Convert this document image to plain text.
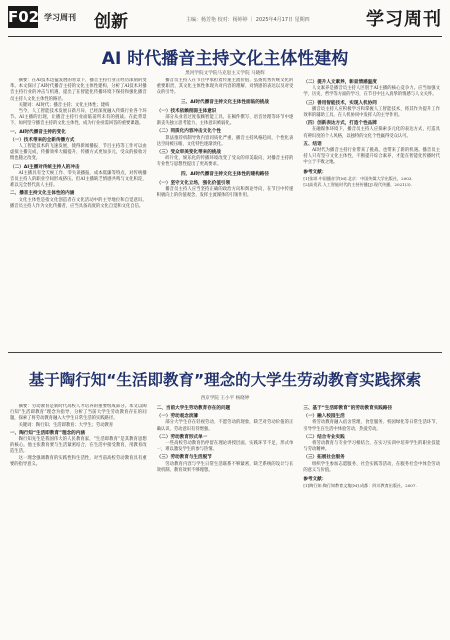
F02 学习周刊 创新	主编：杨芳艳 校对：杨婷婷 ｜ 2025年4月17日 星期四	学习周刊
AI 时代播音主持文化主体性建构
黑河学院文学院马克思主义学院 马晓辉
摘要：在AI技术迅猛发展的背景下，播音主持行业正经历深刻的变革。本文探讨了AI时代播音主持的文化主体性建构，分析了AI技术对播音主持行业的冲击与机遇，提出了在智能化传播环境下保持和强化播音员主持人文化主体性的路径。
关键词：AI时代；播音主持；文化主体性；建构
当今，人工智能技术发展日新月异，已经深度融入传媒行业各个环节。AI主播的出现，让播音主持行业面临前所未有的挑战。在此背景下，如何坚守播音主持的文化主体性，成为行业亟需回答的重要课题。
一、AI时代播音主持的变化
（一）技术带来的全新传播方式
人工智能技术的飞速发展，使得新闻播报、节目主持等工作可以由虚拟主播完成，传播效率大幅提升，传播方式更加多元，受众的接收习惯也随之改变。
（二）AI主播对传统主持人的冲击
AI主播具有全天候工作、零失误播报、成本低廉等特点，对传统播音员主持人的职业空间形成挤压。但AI主播缺乏情感共鸣与文化积淀，难以完全替代真人主持。
二、播音主持文化主体性的内涵
文化主体性是指文化创造者在文化活动中的主导地位和自觉意识。播音员主持人作为文化传播者，应当具备高度的文化自觉和文化自信。
播音员主持人在节目中承担着传递主流价值、弘扬优秀传统文化的重要职责，其文化主体性体现为对内容的理解、对情感的表达以及对受众的引导。
三、AI时代播音主持文化主体性面临的挑战
（一）技术依赖削弱主体意识
部分从业者过度依赖智能工具，在稿件撰写、语音处理等环节中逐渐丧失独立思考能力，主体意识被弱化。
（二）同质化内容冲击文化个性
算法推荐机制导致内容同质化严重，播音主持风格趋同，个性化表达空间被压缩，文化特色逐渐淡化。
（三）受众审美变化带来的挑战
碎片化、娱乐化的传播环境改变了受众的审美取向，对播音主持的专业性与思想性提出了更高要求。
四、AI时代播音主持文化主体性的建构路径
（一）坚守文化立场，强化价值引领
播音员主持人应当坚持正确的政治方向和舆论导向，在节目中传递积极向上的价值观念，发挥主流媒体的引领作用。
（二）提升人文素养，彰显情感温度
人文素养是播音员主持人区别于AI主播的核心竞争力。应当加强文学、历史、哲学等方面的学习，在节目中注入真挚的情感与人文关怀。
（三）善用智能技术，实现人机协同
播音员主持人应积极学习和掌握人工智能技术，将其作为提升工作效率的辅助工具，在人机协同中发挥人的主导作用。
（四）创新表达方式，打造个性品牌
在融媒体环境下，播音员主持人应探索多元化的表达方式，打造具有辨识度的个人风格，以独特的文化个性赢得受众认可。
五、结语
AI时代为播音主持行业带来了挑战，也带来了新的机遇。播音员主持人只有坚守文化主体性，不断提升综合素养，才能在智能化传播时代中立于不败之地。
参考文献：
[1]张颂.中国播音学[M].北京：中国传媒大学出版社，2003.
[2]高贵武.人工智能时代的主持传播[J].现代传播，2021(3).
基于陶行知“生活即教育”理念的大学生劳动教育实践探索
西京学院 王小平 杨晓婷
摘要：劳动教育是新时代高校人才培养的重要组成部分。本文以陶行知“生活即教育”理念为指导，分析了当前大学生劳动教育存在的问题，探索了将劳动教育融入大学生日常生活的实践路径。
关键词：陶行知；生活即教育；大学生；劳动教育
一、陶行知“生活即教育”理念的内涵
陶行知先生是我国伟大的人民教育家，“生活即教育”是其教育思想的核心。他主张教育要与生活紧密结合，在生活中接受教育，用教育改造生活。
这一理念强调教育的实践性和生活性，对当前高校劳动教育具有重要的指导意义。
二、当前大学生劳动教育存在的问题
（一）劳动观念淡薄
部分大学生存在轻视劳动、不愿劳动的现象，缺乏对劳动价值的正确认识，劳动意识有待增强。
（二）劳动教育形式单一
一些高校劳动教育仍停留在理论讲授层面，实践环节不足，形式单一，难以激发学生的参与热情。
（三）劳动教育与生活脱节
劳动教育内容与学生日常生活联系不够紧密，缺乏系统的设计与长效机制，教育效果不够理想。
三、基于“生活即教育”的劳动教育实践路径
（一）融入校园生活
将劳动教育融入宿舍管理、食堂服务、校园绿化等日常生活环节，引导学生在生活中体验劳动、热爱劳动。
（二）结合专业实践
将劳动教育与专业学习相结合，在实习实训中培养学生的职业技能与劳动精神。
（三）拓展社会服务
组织学生参加志愿服务、社会实践等活动，在服务社会中体会劳动的意义与价值。
参考文献：
[1]陶行知.陶行知教育文集[M].成都：四川教育出版社，2007.
